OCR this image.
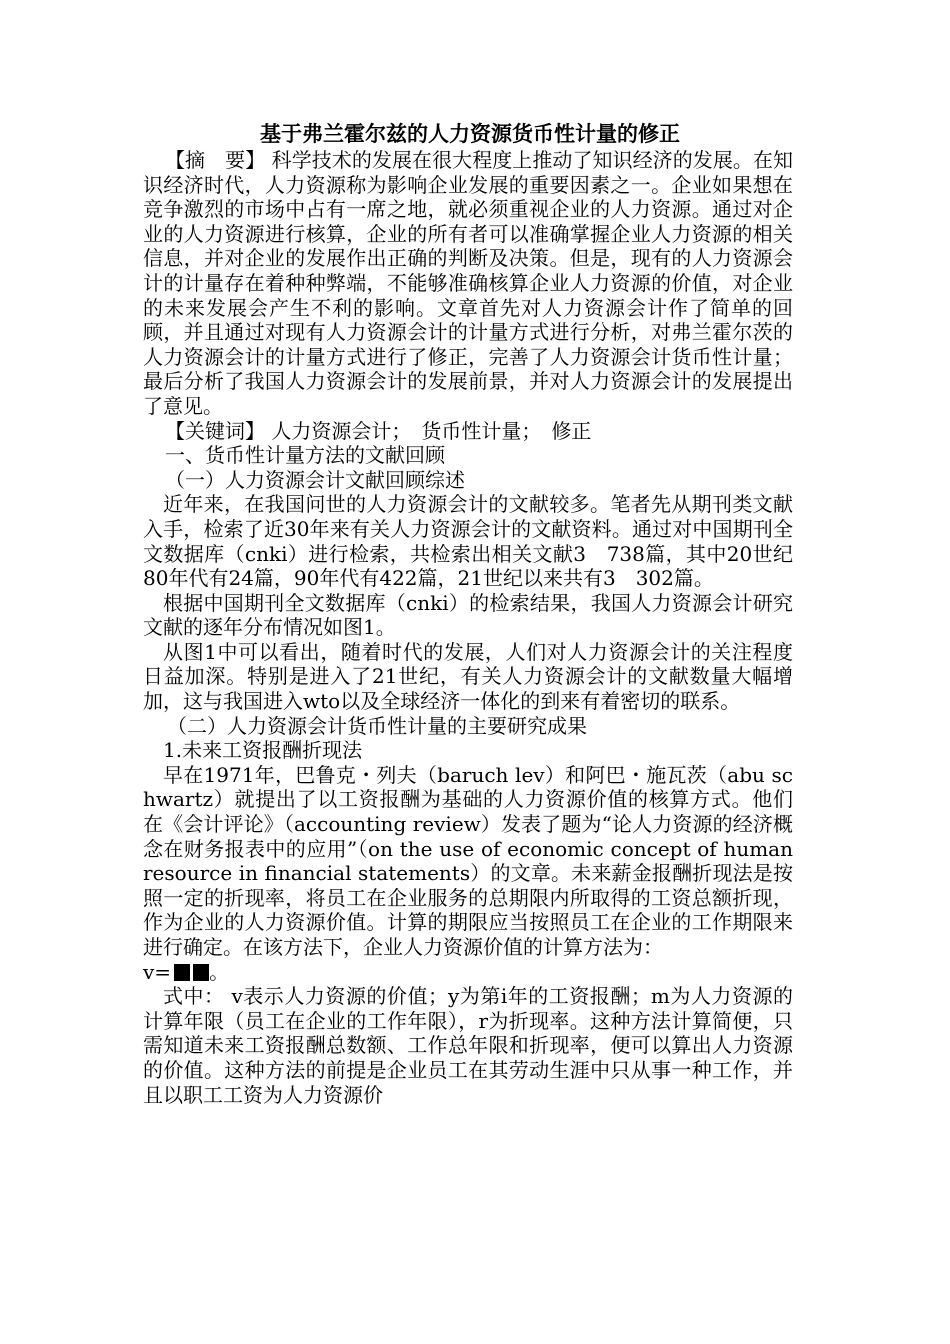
基于弗兰霍尔兹的人力资源货币性计量的修正

【摘　要】 科学技术的发展在很大程度上推动了知识经济的发展。在知识经济时代，人力资源称为影响企业发展的重要因素之一。企业如果想在竞争激烈的市场中占有一席之地，就必须重视企业的人力资源。通过对企业的人力资源进行核算，企业的所有者可以准确掌握企业人力资源的相关信息，并对企业的发展作出正确的判断及决策。但是，现有的人力资源会计的计量存在着种种弊端，不能够准确核算企业人力资源的价值，对企业的未来发展会产生不利的影响。文章首先对人力资源会计作了简单的回顾，并且通过对现有人力资源会计的计量方式进行分析，对弗兰霍尔茨的人力资源会计的计量方式进行了修正，完善了人力资源会计货币性计量；最后分析了我国人力资源会计的发展前景，并对人力资源会计的发展提出了意见。

【关键词】 人力资源会计；　货币性计量；　修正

一、货币性计量方法的文献回顾

（一）人力资源会计文献回顾综述

近年来，在我国问世的人力资源会计的文献较多。笔者先从期刊类文献入手，检索了近30年来有关人力资源会计的文献资料。通过对中国期刊全文数据库（cnki）进行检索，共检索出相关文献3　738篇，其中20世纪80年代有24篇，90年代有422篇，21世纪以来共有3　302篇。

根据中国期刊全文数据库（cnki）的检索结果，我国人力资源会计研究文献的逐年分布情况如图1。

从图1中可以看出，随着时代的发展，人们对人力资源会计的关注程度日益加深。特别是进入了21世纪，有关人力资源会计的文献数量大幅增加，这与我国进入wto以及全球经济一体化的到来有着密切的联系。

（二）人力资源会计货币性计量的主要研究成果

1.未来工资报酬折现法

早在1971年，巴鲁克・列夫（baruch lev）和阿巴・施瓦茨（abu schwartz）就提出了以工资报酬为基础的人力资源价值的核算方式。他们在《会计评论》（accounting review）发表了题为“论人力资源的经济概念在财务报表中的应用”（on the use of economic concept of human resource in financial statements）的文章。未来薪金报酬折现法是按照一定的折现率，将员工在企业服务的总期限内所取得的工资总额折现，作为企业的人力资源价值。计算的期限应当按照员工在企业的工作期限来进行确定。在该方法下，企业人力资源价值的计算方法为：

v= 。

式中： v表示人力资源的价值；y为第i年的工资报酬；m为人力资源的计算年限（员工在企业的工作年限），r为折现率。这种方法计算简便，只需知道未来工资报酬总数额、工作总年限和折现率，便可以算出人力资源的价值。这种方法的前提是企业员工在其劳动生涯中只从事一种工作，并且以职工工资为人力资源价
